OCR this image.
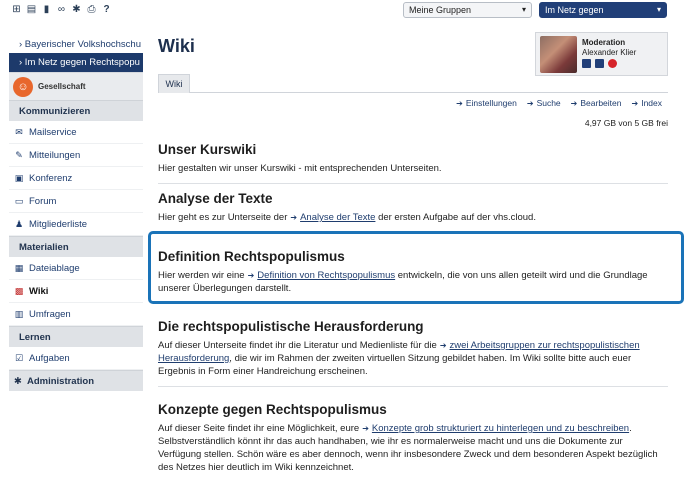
⊞ ▤ ▮ ∞ ✱ ⎙ ?	Meine Gruppen	▾	Im Netz gegen Rechtspopu...
▾
› Bayerischer Volkshochschu
› Im Netz gegen Rechtspopu
☺	Gesellschaft
Kommunizieren
✉ Mailservice
✎ Mitteilungen
▣ Konferenz
▭ Forum
♟ Mitgliederliste
Materialien
▦ Dateiablage
▩ Wiki
▥ Umfragen
Lernen
☑ Aufgaben
✱ Administration
Wiki	Moderation
Alexander Klier
Wiki
➔ Einstellungen ➔ Suche ➔ Bearbeiten ➔ Index
4,97 GB von 5 GB frei
Unser Kurswiki

Hier gestalten wir unser Kurswiki - mit entsprechenden Unterseiten.

Analyse der Texte

Hier geht es zur Unterseite der ➔ Analyse der Texte der ersten Aufgabe auf der vhs.cloud.

Definition Rechtspopulismus

Hier werden wir eine ➔ Definition von Rechtspopulismus entwickeln, die von uns allen geteilt wird und die Grundlage unserer Überlegungen darstellt.

Die rechtspopulistische Herausforderung

Auf dieser Unterseite findet ihr die Literatur und Medienliste für die ➔ zwei Arbeitsgruppen zur rechtspopulistischen Herausforderung, die wir im Rahmen der zweiten virtuellen Sitzung gebildet haben. Im Wiki sollte bitte auch euer Ergebnis in Form einer Handreichung erscheinen.

Konzepte gegen Rechtspopulismus

Auf dieser Seite findet ihr eine Möglichkeit, eure ➔ Konzepte grob strukturiert zu hinterlegen und zu beschreiben. Selbstverständlich könnt ihr das auch handhaben, wie ihr es normalerweise macht und uns die Dokumente zur Verfügung stellen. Schön wäre es aber dennoch, wenn ihr insbesondere Zweck und dem besonderen Aspekt bezüglich des Netzes hier deutlich im Wiki kennzeichnet.
